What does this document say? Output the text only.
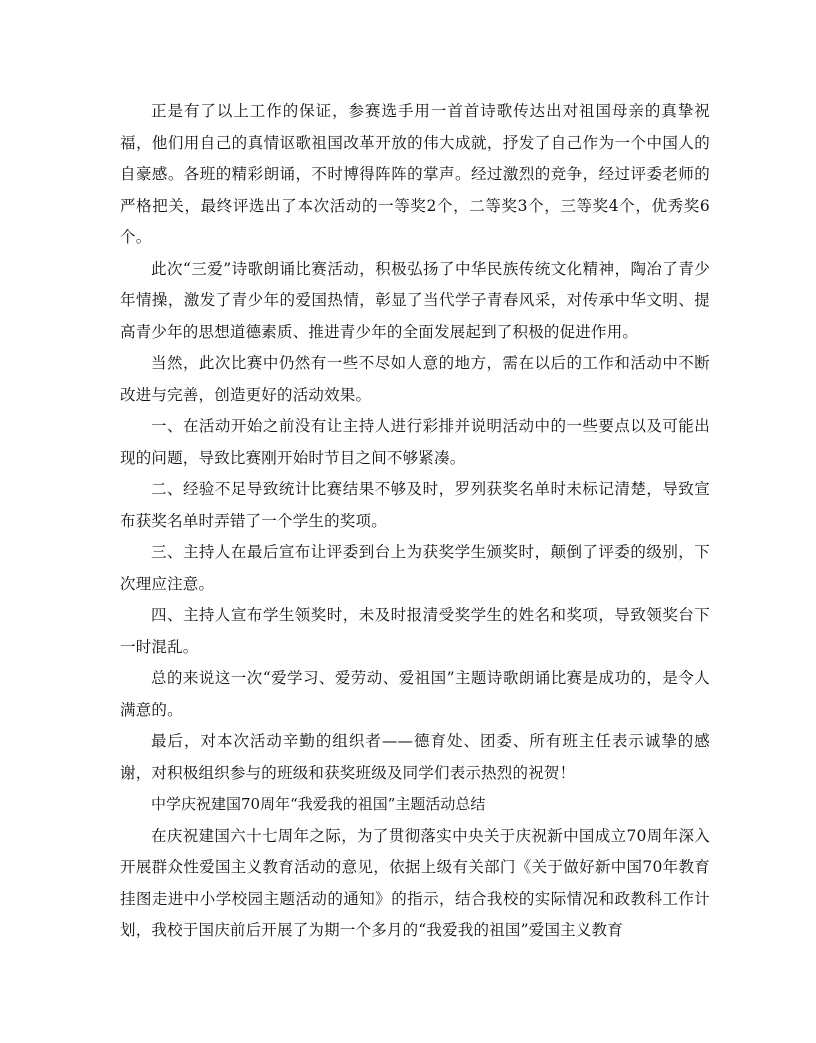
正是有了以上工作的保证，参赛选手用一首首诗歌传达出对祖国母亲的真挚祝福，他们用自己的真情讴歌祖国改革开放的伟大成就，抒发了自己作为一个中国人的自豪感。各班的精彩朗诵，不时博得阵阵的掌声。经过激烈的竞争，经过评委老师的严格把关，最终评选出了本次活动的一等奖2个，二等奖3个，三等奖4个，优秀奖6个。

此次“三爱”诗歌朗诵比赛活动，积极弘扬了中华民族传统文化精神，陶冶了青少年情操，激发了青少年的爱国热情，彰显了当代学子青春风采，对传承中华文明、提高青少年的思想道德素质、推进青少年的全面发展起到了积极的促进作用。

当然，此次比赛中仍然有一些不尽如人意的地方，需在以后的工作和活动中不断改进与完善，创造更好的活动效果。

一、在活动开始之前没有让主持人进行彩排并说明活动中的一些要点以及可能出现的问题，导致比赛刚开始时节目之间不够紧凑。

二、经验不足导致统计比赛结果不够及时，罗列获奖名单时未标记清楚，导致宣布获奖名单时弄错了一个学生的奖项。

三、主持人在最后宣布让评委到台上为获奖学生颁奖时，颠倒了评委的级别，下次理应注意。

四、主持人宣布学生领奖时，未及时报清受奖学生的姓名和奖项，导致领奖台下一时混乱。

总的来说这一次“爱学习、爱劳动、爱祖国”主题诗歌朗诵比赛是成功的，是令人满意的。

最后，对本次活动辛勤的组织者——德育处、团委、所有班主任表示诚挚的感谢，对积极组织参与的班级和获奖班级及同学们表示热烈的祝贺！

中学庆祝建国70周年“我爱我的祖国”主题活动总结

在庆祝建国六十七周年之际，为了贯彻落实中央关于庆祝新中国成立70周年深入开展群众性爱国主义教育活动的意见，依据上级有关部门《关于做好新中国70年教育挂图走进中小学校园主题活动的通知》的指示，结合我校的实际情况和政教科工作计划，我校于国庆前后开展了为期一个多月的“我爱我的祖国”爱国主义教育
